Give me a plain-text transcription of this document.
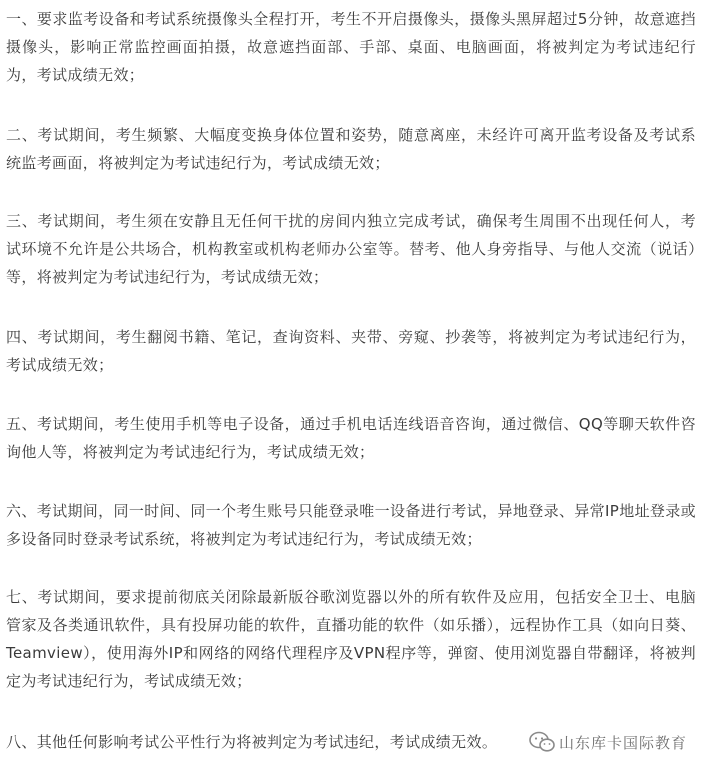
一、要求监考设备和考试系统摄像头全程打开，考生不开启摄像头，摄像头黑屏超过5分钟，故意遮挡摄像头，影响正常监控画面拍摄，故意遮挡面部、手部、桌面、电脑画面，将被判定为考试违纪行为，考试成绩无效；

二、考试期间，考生频繁、大幅度变换身体位置和姿势，随意离座，未经许可离开监考设备及考试系统监考画面，将被判定为考试违纪行为，考试成绩无效；

三、考试期间，考生须在安静且无任何干扰的房间内独立完成考试，确保考生周围不出现任何人，考试环境不允许是公共场合，机构教室或机构老师办公室等。替考、他人身旁指导、与他人交流（说话）等，将被判定为考试违纪行为，考试成绩无效；

四、考试期间，考生翻阅书籍、笔记，查询资料、夹带、旁窥、抄袭等，将被判定为考试违纪行为，考试成绩无效；

五、考试期间，考生使用手机等电子设备，通过手机电话连线语音咨询，通过微信、QQ等聊天软件咨询他人等，将被判定为考试违纪行为，考试成绩无效；

六、考试期间，同一时间、同一个考生账号只能登录唯一设备进行考试，异地登录、异常IP地址登录或多设备同时登录考试系统，将被判定为考试违纪行为，考试成绩无效；

七、考试期间，要求提前彻底关闭除最新版谷歌浏览器以外的所有软件及应用，包括安全卫士、电脑管家及各类通讯软件，具有投屏功能的软件，直播功能的软件（如乐播），远程协作工具（如向日葵、Teamview），使用海外IP和网络的网络代理程序及VPN程序等，弹窗、使用浏览器自带翻译，将被判定为考试违纪行为，考试成绩无效；

八、其他任何影响考试公平性行为将被判定为考试违纪，考试成绩无效。	山东库卡国际教育
